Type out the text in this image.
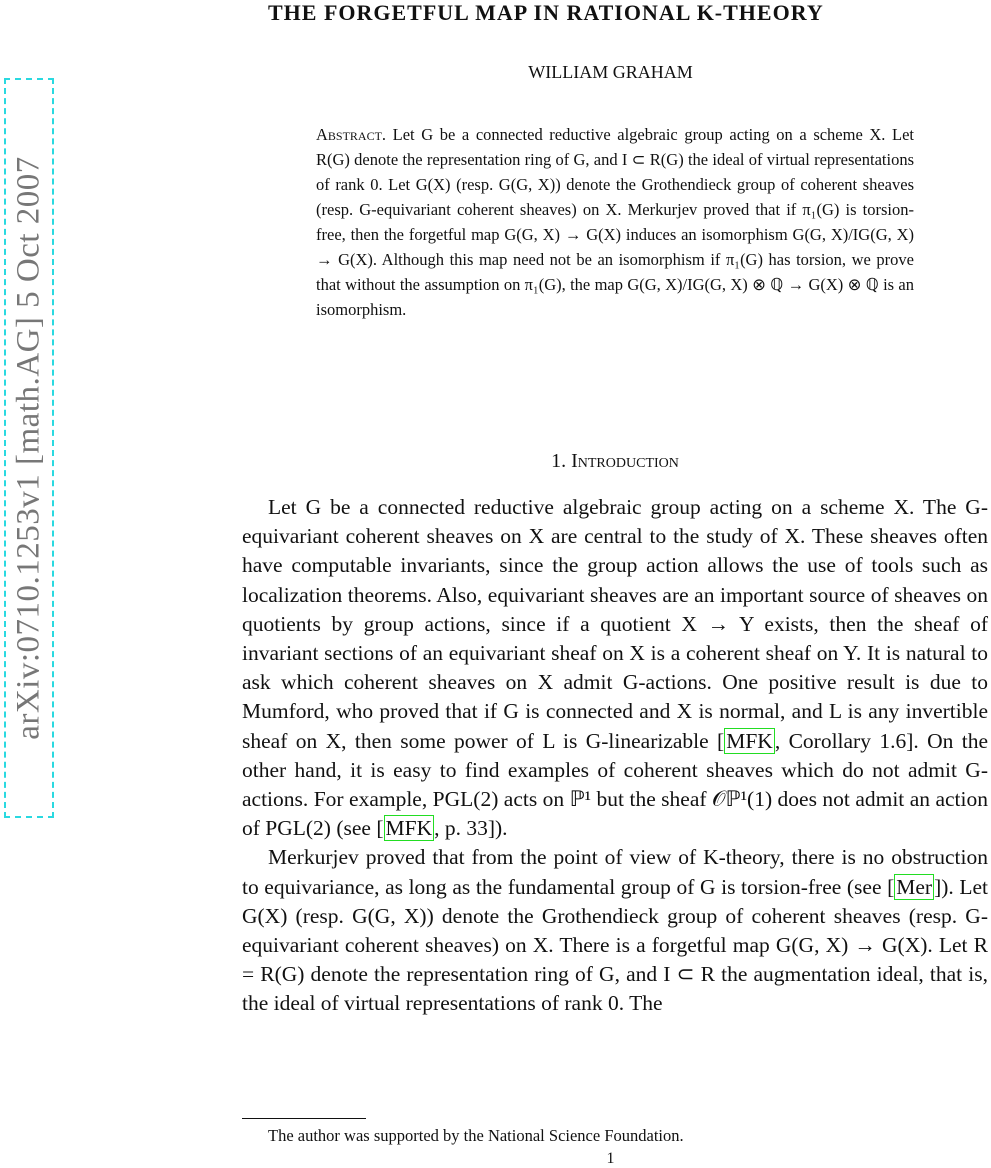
arXiv:0710.1253v1 [math.AG] 5 Oct 2007
THE FORGETFUL MAP IN RATIONAL K-THEORY
WILLIAM GRAHAM
Abstract. Let G be a connected reductive algebraic group acting on a scheme X. Let R(G) denote the representation ring of G, and I ⊂ R(G) the ideal of virtual representations of rank 0. Let G(X) (resp. G(G, X)) denote the Grothendieck group of coherent sheaves (resp. G-equivariant coherent sheaves) on X. Merkurjev proved that if π₁(G) is torsion-free, then the forgetful map G(G, X) → G(X) induces an isomorphism G(G, X)/IG(G, X) → G(X). Although this map need not be an isomorphism if π₁(G) has torsion, we prove that without the assumption on π₁(G), the map G(G, X)/IG(G, X) ⊗ ℚ → G(X) ⊗ ℚ is an isomorphism.
1. Introduction

Let G be a connected reductive algebraic group acting on a scheme X. The G-equivariant coherent sheaves on X are central to the study of X. These sheaves often have computable invariants, since the group action allows the use of tools such as localization theorems. Also, equivariant sheaves are an important source of sheaves on quotients by group actions, since if a quotient X → Y exists, then the sheaf of invariant sections of an equivariant sheaf on X is a coherent sheaf on Y. It is natural to ask which coherent sheaves on X admit G-actions. One positive result is due to Mumford, who proved that if G is connected and X is normal, and L is any invertible sheaf on X, then some power of L is G-linearizable [MFK, Corollary 1.6]. On the other hand, it is easy to find examples of coherent sheaves which do not admit G-actions. For example, PGL(2) acts on ℙ¹ but the sheaf 𝒪ℙ¹(1) does not admit an action of PGL(2) (see [MFK, p. 33]).

Merkurjev proved that from the point of view of K-theory, there is no obstruction to equivariance, as long as the fundamental group of G is torsion-free (see [Mer]). Let G(X) (resp. G(G, X)) denote the Grothendieck group of coherent sheaves (resp. G-equivariant coherent sheaves) on X. There is a forgetful map G(G, X) → G(X). Let R = R(G) denote the representation ring of G, and I ⊂ R the augmentation ideal, that is, the ideal of virtual representations of rank 0. The

The author was supported by the National Science Foundation.
1
